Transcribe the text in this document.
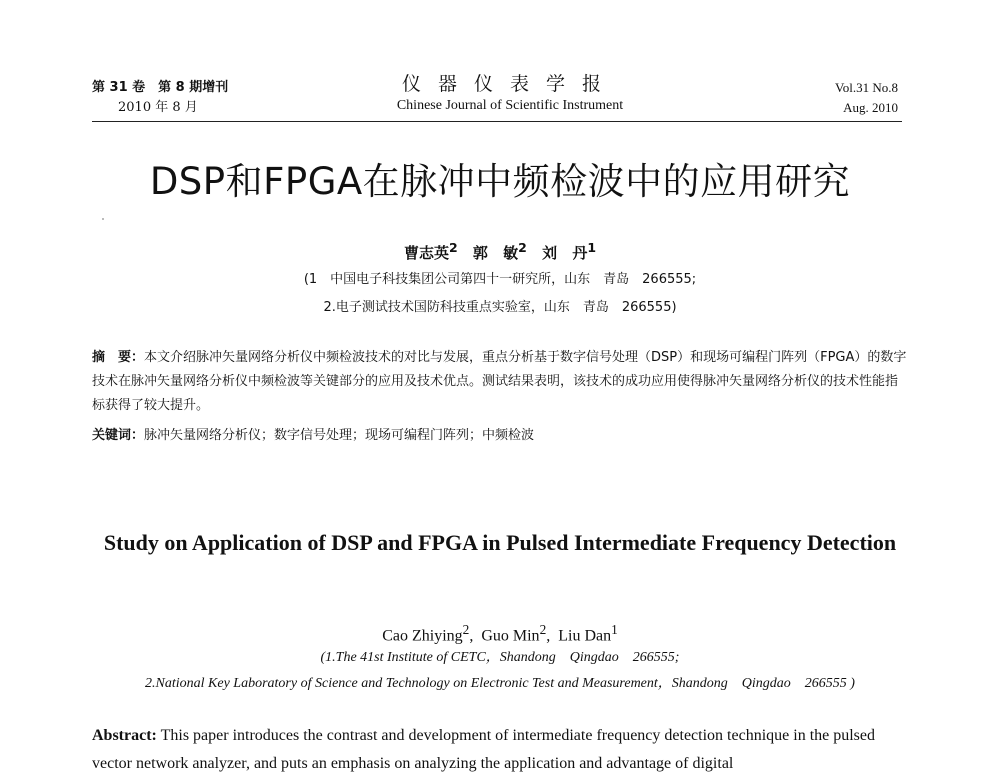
第 31 卷　第 8 期增刊
2010 年 8 月
仪器仪表学报
Chinese Journal of Scientific Instrument
Vol.31 No.8
Aug. 2010
DSP和FPGA在脉冲中频检波中的应用研究
曹志英$^2$ 郭 敏$^2$ 刘 丹$^1$
(1　中国电子科技集团公司第四十一研究所，山东　青岛　266555;
2.电子测试技术国防科技重点实验室，山东　青岛　266555)
摘　要：本文介绍脉冲矢量网络分析仪中频检波技术的对比与发展，重点分析基于数字信号处理（DSP）和现场可编程门阵列（FPGA）的数字技术在脉冲矢量网络分析仪中频检波等关键部分的应用及技术优点。测试结果表明，该技术的成功应用使得脉冲矢量网络分析仪的技术性能指标获得了较大提升。
关键词：脉冲矢量网络分析仪；数字信号处理；现场可编程门阵列；中频检波
Study on Application of DSP and FPGA in Pulsed Intermediate Frequency Detection
Cao Zhiying$^2$,  Guo Min$^2$,  Liu Dan$^1$
(1.The 41st Institute of CETC，Shandong　Qingdao　266555;
2.National Key Laboratory of Science and Technology on Electronic Test and Measurement，Shandong　Qingdao　266555 )
Abstract: This paper introduces the contrast and development of intermediate frequency detection technique in the pulsed vector network analyzer, and puts an emphasis on analyzing the application and advantage of digital
